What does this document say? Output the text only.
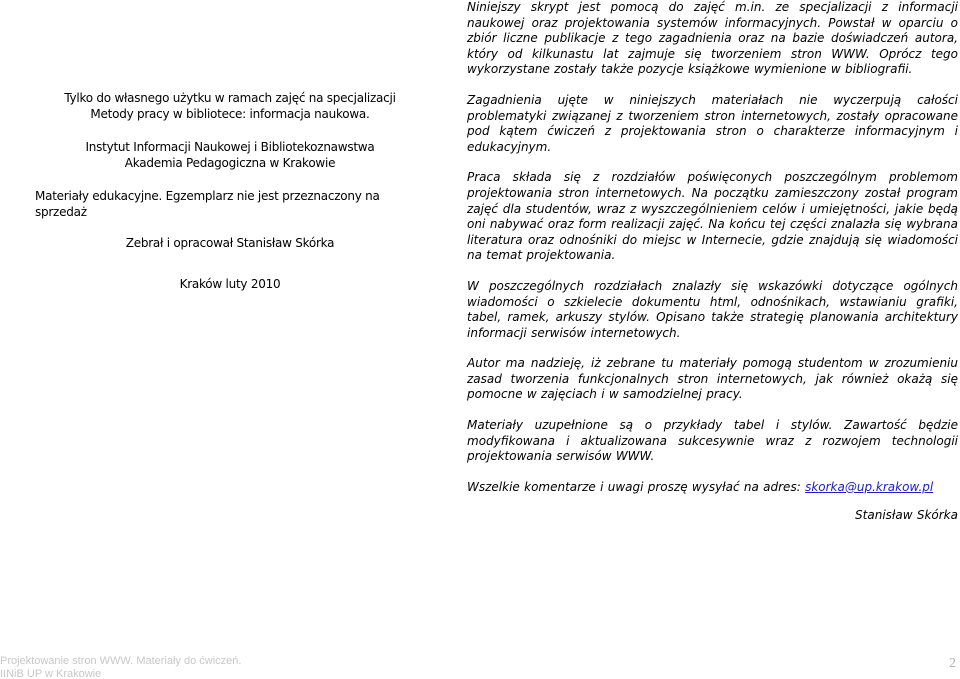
Tylko do własnego użytku w ramach zajęć na specjalizacji

Metody pracy w bibliotece: informacja naukowa.

Instytut Informacji Naukowej i Bibliotekoznawstwa

Akademia Pedagogiczna w Krakowie

Materiały edukacyjne. Egzemplarz nie jest przeznaczony na sprzedaż

Zebrał i opracował Stanisław Skórka

Kraków luty 2010

Niniejszy skrypt jest pomocą do zajęć m.in. ze specjalizacji z informacji naukowej oraz projektowania systemów informacyjnych. Powstał w oparciu o zbiór liczne publikacje z tego zagadnienia oraz na bazie doświadczeń autora, który od kilkunastu lat zajmuje się tworzeniem stron WWW. Oprócz tego wykorzystane zostały także pozycje książkowe wymienione w bibliografii.

Zagadnienia ujęte w niniejszych materiałach nie wyczerpują całości problematyki związanej z tworzeniem stron internetowych, zostały opracowane pod kątem ćwiczeń z projektowania stron o charakterze informacyjnym i edukacyjnym.

Praca składa się z rozdziałów poświęconych poszczególnym problemom projektowania stron internetowych. Na początku zamieszczony został program zajęć dla studentów, wraz z wyszczególnieniem celów i umiejętności, jakie będą oni nabywać oraz form realizacji zajęć. Na końcu tej części znalazła się wybrana literatura oraz odnośniki do miejsc w Internecie, gdzie znajdują się wiadomości na temat projektowania.

W poszczególnych rozdziałach znalazły się wskazówki dotyczące ogólnych wiadomości o szkielecie dokumentu html, odnośnikach, wstawianiu grafiki, tabel, ramek, arkuszy stylów. Opisano także strategię planowania architektury informacji serwisów internetowych.

Autor ma nadzieję, iż zebrane tu materiały pomogą studentom w zrozumieniu zasad tworzenia funkcjonalnych stron internetowych, jak również okażą się pomocne w zajęciach i w samodzielnej pracy.

Materiały uzupełnione są o przykłady tabel i stylów. Zawartość będzie modyfikowana i aktualizowana sukcesywnie wraz z rozwojem technologii projektowania serwisów WWW.

Wszelkie komentarze i uwagi proszę wysyłać na adres: skorka@up.krakow.pl

Stanisław Skórka

Projektowanie stron WWW. Materiały do ćwiczeń.
IINiB UP w Krakowie
2
